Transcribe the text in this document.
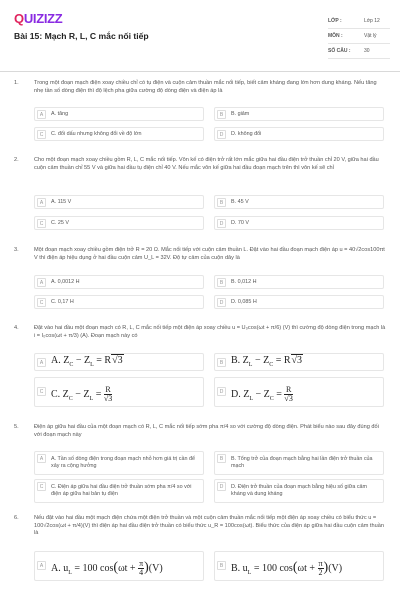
QUIZIZZ
Bài 15: Mạch R, L, C mắc nối tiếp
LỚP :	Lớp 12
MÔN :	Vật lý
SỐ CÂU :	30
1.	Trong một đoạn mạch điện xoay chiều chỉ có tụ điện và cuộn cảm thuần mắc nối tiếp, biết cảm kháng đang lớn hơn dung kháng. Nếu tăng nhẹ tần số dòng điện thì độ lệch pha giữa cường độ dòng điện và điện áp là
A	A. tăng	B	B. giảm
C	C. đổi dấu nhưng không đổi về độ lớn	D	D. không đổi
2.	Cho một đoạn mạch xoay chiều gồm R, L, C mắc nối tiếp. Vôn kế có điện trở rất lớn mắc giữa hai đầu điện trở thuần chỉ 20 V, giữa hai đầu cuộn cảm thuần chỉ 55 V và giữa hai đầu tụ điện chỉ 40 V. Nếu mắc vôn kế giữa hai đầu đoạn mạch trên thì vôn kế sẽ chỉ
A	A. 115 V	B	B. 45 V
C	C. 25 V	D	D. 70 V
3.	Một đoạn mạch xoay chiều gồm điện trở R = 20 Ω. Mắc nối tiếp với cuộn cảm thuần L. Đặt vào hai đầu đoạn mạch điện áp u = 40√2cos100πt V thì điện áp hiệu dụng ở hai đầu cuộn cảm U_L = 32V. Độ tự cảm của cuộn dây là
A	A. 0,0012 H	B	B. 0,012 H
C	C. 0,17 H	D	D. 0,085 H
4.	Đặt vào hai đầu một đoạn mạch có R, L, C mắc nối tiếp một điện áp xoay chiều u = U₀cos(ωt + π/6) (V) thì cường độ dòng điện trong mạch là i = I₀cos(ωt + π/3) (A). Đoạn mạch này có
A A. $Z_C - Z_L = R√3$	B B. $Z_L - Z_C = R√3$
C C. $Z_C - Z_L = \frac{R}{√3}$	D D. $Z_L - Z_C = \frac{R}{√3}$
5.	Điện áp giữa hai đầu của một đoạn mạch có R, L, C mắc nối tiếp sớm pha π/4 so với cường độ dòng điện. Phát biểu nào sau đây đúng đối với đoạn mạch này
A	A. Tần số dòng điện trong đoạn mạch nhỏ hơn giá trị cần để xảy ra cộng hưởng
B	B. Tổng trở của đoạn mạch bằng hai lần điện trở thuần của mạch
C	C. Điện áp giữa hai đầu điện trở thuần sớm pha π/4 so với điện áp giữa hai bản tụ điện
D	D. Điện trở thuần của đoạn mạch bằng hiệu số giữa cảm kháng và dung kháng
6.	Nếu đặt vào hai đầu một mạch điện chứa một điện trở thuần và một cuộn cảm thuần mắc nối tiếp một điện áp xoay chiều có biểu thức u = 100√2cos(ωt + π/4)(V) thì điện áp hai đầu điện trở thuần có biểu thức u_R = 100cos(ωt). Biểu thức của điện áp giữa hai đầu cuộn cảm thuần là
A A. $u_L = 100$ $\cos(\omega t + \frac{\pi}{4} )(V)$	B B. $u_L = 100$ $\cos(\omega t + \frac{\pi}{2} )(V)$
